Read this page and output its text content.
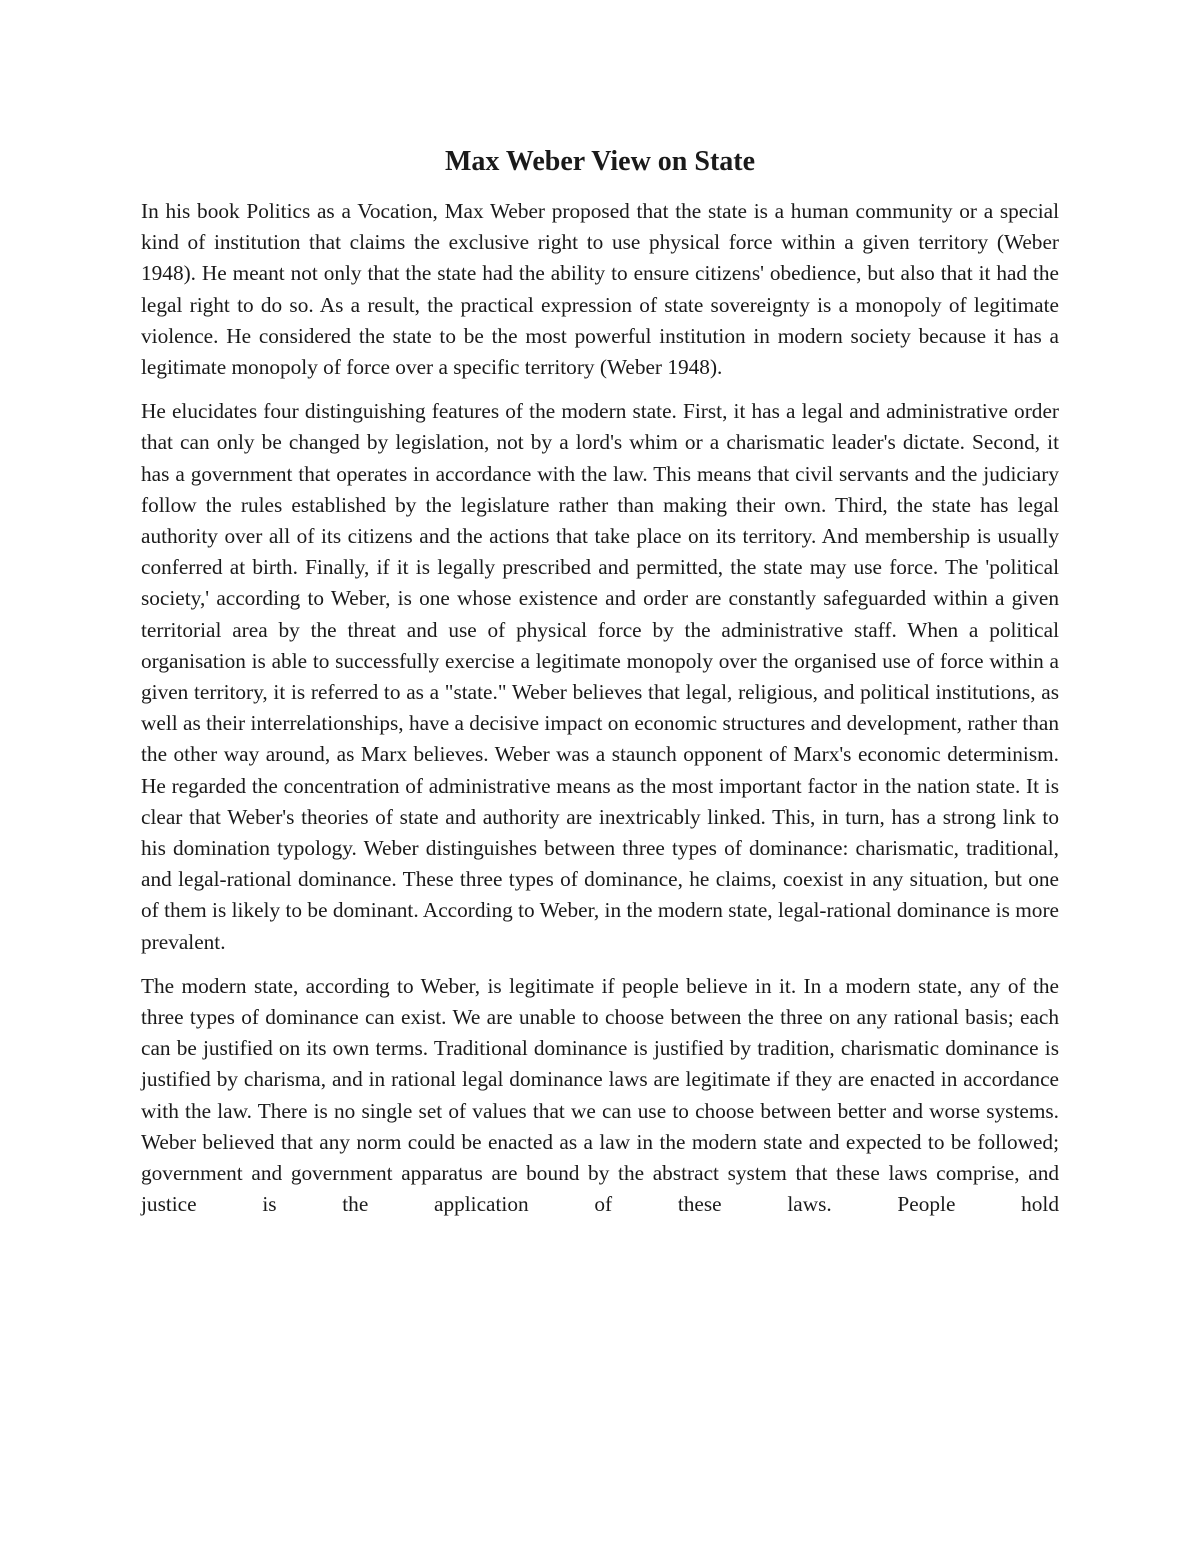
Max Weber View on State

In his book Politics as a Vocation, Max Weber proposed that the state is a human community or a special kind of institution that claims the exclusive right to use physical force within a given territory (Weber 1948). He meant not only that the state had the ability to ensure citizens' obedience, but also that it had the legal right to do so. As a result, the practical expression of state sovereignty is a monopoly of legitimate violence. He considered the state to be the most powerful institution in modern society because it has a legitimate monopoly of force over a specific territory (Weber 1948).

He elucidates four distinguishing features of the modern state. First, it has a legal and administrative order that can only be changed by legislation, not by a lord's whim or a charismatic leader's dictate. Second, it has a government that operates in accordance with the law. This means that civil servants and the judiciary follow the rules established by the legislature rather than making their own. Third, the state has legal authority over all of its citizens and the actions that take place on its territory. And membership is usually conferred at birth. Finally, if it is legally prescribed and permitted, the state may use force. The 'political society,' according to Weber, is one whose existence and order are constantly safeguarded within a given territorial area by the threat and use of physical force by the administrative staff. When a political organisation is able to successfully exercise a legitimate monopoly over the organised use of force within a given territory, it is referred to as a "state." Weber believes that legal, religious, and political institutions, as well as their interrelationships, have a decisive impact on economic structures and development, rather than the other way around, as Marx believes. Weber was a staunch opponent of Marx's economic determinism. He regarded the concentration of administrative means as the most important factor in the nation state. It is clear that Weber's theories of state and authority are inextricably linked. This, in turn, has a strong link to his domination typology. Weber distinguishes between three types of dominance: charismatic, traditional, and legal-rational dominance. These three types of dominance, he claims, coexist in any situation, but one of them is likely to be dominant. According to Weber, in the modern state, legal-rational dominance is more prevalent.

The modern state, according to Weber, is legitimate if people believe in it. In a modern state, any of the three types of dominance can exist. We are unable to choose between the three on any rational basis; each can be justified on its own terms. Traditional dominance is justified by tradition, charismatic dominance is justified by charisma, and in rational legal dominance laws are legitimate if they are enacted in accordance with the law. There is no single set of values that we can use to choose between better and worse systems. Weber believed that any norm could be enacted as a law in the modern state and expected to be followed; government and government apparatus are bound by the abstract system that these laws comprise, and justice is the application of these laws. People hold
